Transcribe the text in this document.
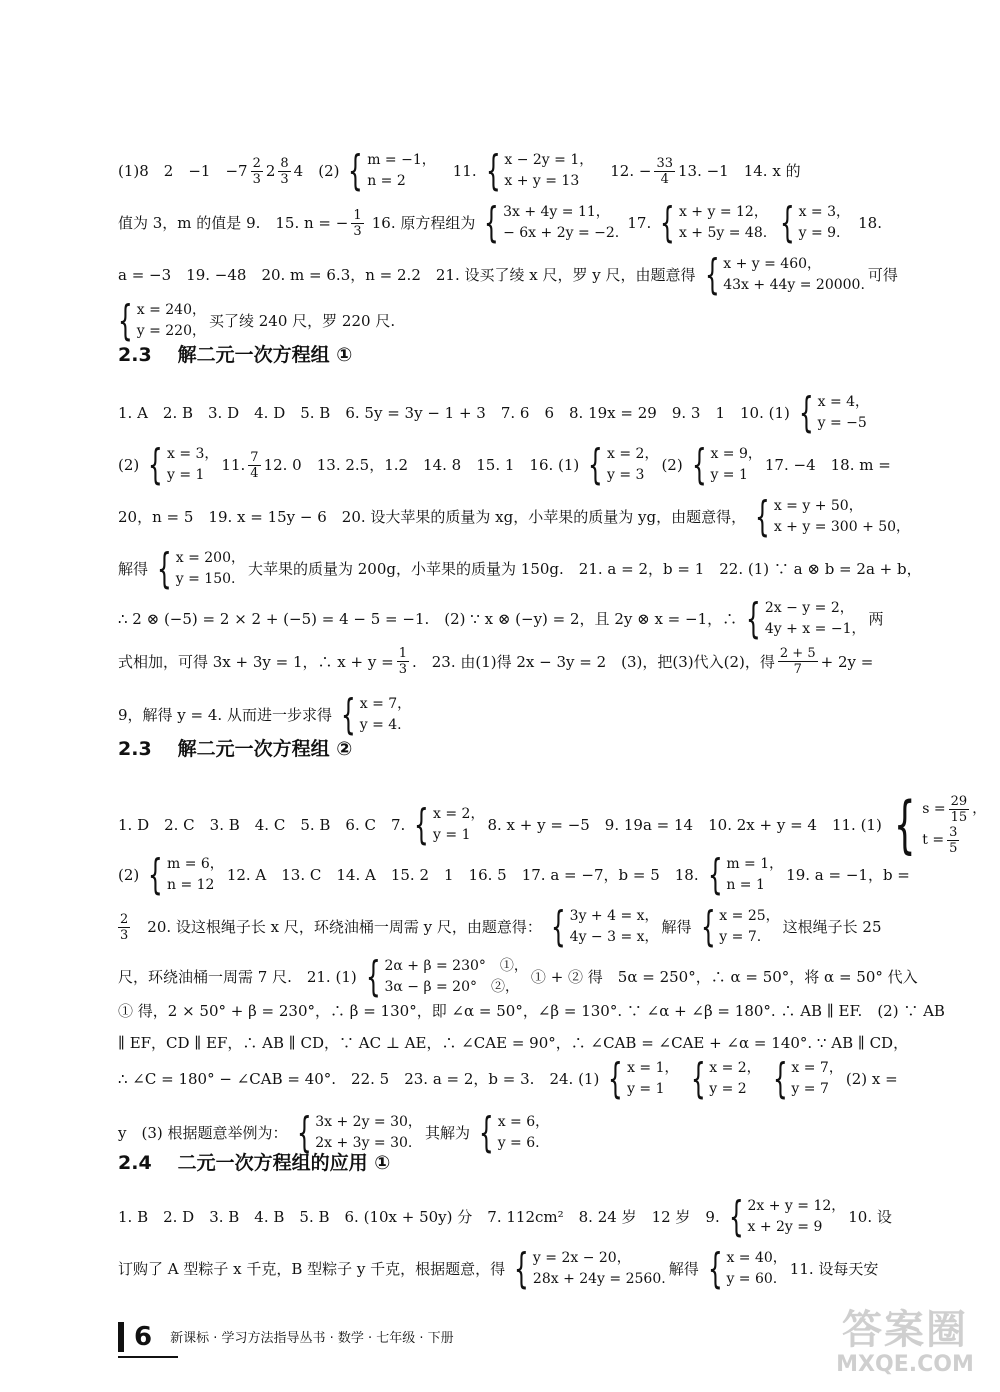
(1)8　2　−1　$-7 \frac{2}{3} 2 \frac{8}{3} 4$　(2) { m = −1，
n = 2
11. { x − 2y = 1，
x + y = 13
12. − $\frac{33}{4} 13$. −1　14. x 的
值为 3，m 的值是 9.　15. n = − $\frac{1}{3} 16$. 原方程组为 { 3x + 4y = 11，
− 6x + 2y = −2.
17. { x + y = 12，
x + 5y = 48. { x = 3，
y = 9.
18.
a = −3　19. −48　20. m = 6.3，n = 2.2　21. 设买了绫 x 尺，罗 y 尺，由题意得 { x + y = 460，
43x + 44y = 20000.
可得
{ x = 240，
y = 220，
买了绫 240 尺，罗 220 尺.
2.3 解二元一次方程组 ①
1. A　2. B　3. D　4. D　5. B　6. 5y = 3y − 1 + 3　7. 6　6　8. 19x = 29　9. 3　1　10. (1) { x = 4，
y = −5
(2) { x = 3，
y = 1
11. $\frac{7}{4} 12$. 0　13. 2.5，1.2　14. 8　15. 1　16. (1) { x = 2，
y = 3
(2) { x = 9，
y = 1
17. −4　18. m =
20，n = 5　19. x = 15y − 6　20. 设大苹果的质量为 xg，小苹果的质量为 yg，由题意得， { x = y + 50，
x + y = 300 + 50，
解得 { x = 200，
y = 150.
大苹果的质量为 200g，小苹果的质量为 150g.　21. a = 2，b = 1　22. (1) ∵ a ⊗ b = 2a + b，
∴ 2 ⊗ (−5) = 2 × 2 + (−5) = 4 − 5 = −1.　(2) ∵ x ⊗ (−y) = 2，且 2y ⊗ x = −1，∴ { 2x − y = 2，
4y + x = −1，
两
式相加，可得 3x + 3y = 1，∴ $x + y = \frac{1}{3}$ .　23. 由(1)得 2x − 3y = 2　(3)，把(3)代入(2)，得 $\frac{2 + 5}{7} + 2y$ =
9，解得 y = 4. 从而进一步求得 { x = 7，
y = 4.
2.3 解二元一次方程组 ②
1. D　2. C　3. B　4. C　5. B　6. C　7. { x = 2，
y = 1
8. x + y = −5　9. 19a = 14　10. 2x + y = 4　11. (1) { $s = \frac{29}{15}$ ，
$t = \frac{3}{5}$
(2) { m = 6，
n = 12
12. A　13. C　14. A　15. 2　1　16. 5　17. a = −7，b = 5　18. { m = 1，
n = 1
19. a = −1，b =
$\frac{2}{3} 20$. 设这根绳子长 x 尺，环绕油桶一周需 y 尺，由题意得： { 3y + 4 = x，
4y − 3 = x，
解得 { x = 25，
y = 7.
这根绳子长 25
尺，环绕油桶一周需 7 尺.　21. (1) { 2α + β = 230°　①，
3α − β = 20°　②，
① + ② 得　5α = 250°，∴ α = 50°，将 α = 50° 代入
① 得，2 × 50° + β = 230°，∴ β = 130°，即 ∠α = 50°，∠β = 130°. ∵ ∠α + ∠β = 180°. ∴ AB ∥ EF.　(2) ∵ AB
∥ EF，CD ∥ EF，∴ AB ∥ CD，∵ AC ⊥ AE，∴ ∠CAE = 90°，∴ ∠CAB = ∠CAE + ∠α = 140°. ∵ AB ∥ CD，
∴ ∠C = 180° − ∠CAB = 40°.　22. 5　23. a = 2，b = 3.　24. (1) { x = 1，
y = 1 { x = 2，
y = 2 { x = 7，
y = 7
(2) x =
y　(3) 根据题意举例为： { 3x + 2y = 30，
2x + 3y = 30.
其解为 { x = 6，
y = 6.
2.4 二元一次方程组的应用 ①
1. B　2. D　3. B　4. B　5. B　6. (10x + 50y) 分　7. 112cm²　8. 24 岁　12 岁　9. { 2x + y = 12，
x + 2y = 9
10. 设
订购了 A 型粽子 x 千克，B 型粽子 y 千克，根据题意，得 { y = 2x − 20，
28x + 24y = 2560.
解得 { x = 40，
y = 60.
11. 设每天安
6 新课标 · 学习方法指导丛书 · 数学 · 七年级 · 下册	答案圈
MXQE.COM
